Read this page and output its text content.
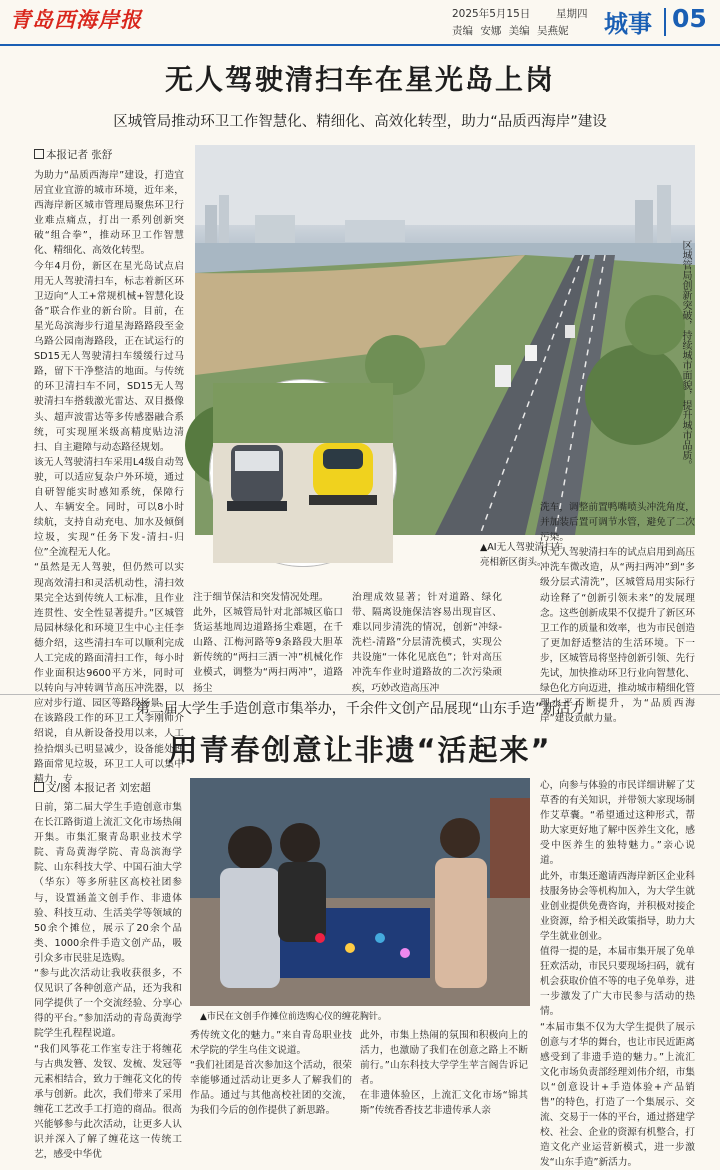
青岛西海岸报	2025年5月15日 星期四
责编 安娜 美编 吴燕妮 城事 05
无人驾驶清扫车在星光岛上岗
区城管局推动环卫工作智慧化、精细化、高效化转型，助力“品质西海岸”建设
本报记者 张舒
为助力“品质西海岸”建设，打造宜居宜业宜游的城市环境，近年来，西海岸新区城市管理局聚焦环卫行业难点痛点，打出一系列创新突破“组合拳”，推动环卫工作智慧化、精细化、高效化转型。
今年4月份，新区在星光岛试点启用无人驾驶清扫车，标志着新区环卫迈向“人工+常规机械+智慧化设备”联合作业的新台阶。目前，在星光岛滨海步行道星海路路段至金乌路公园南海路段，正在试运行的SD15无人驾驶清扫车缓缓行过马路，留下干净整洁的地面。与传统的环卫清扫车不同，SD15无人驾驶清扫车搭载激光雷达、双目摄像头、超声波雷达等多传感器融合系统，可实现厘米级高精度贴边清扫、自主避障与动态路径规划。
该无人驾驶清扫车采用L4级自动驾驶，可以适应复杂户外环境，通过自研智能实时感知系统，保障行人、车辆安全。同时，可以8小时续航，支持自动充电、加水及倾倒垃圾，实现“任务下发-清扫-归位”全流程无人化。
“虽然是无人驾驶，但仍然可以实现高效清扫和灵活机动性，清扫效果完全达到传统人工标准，且作业连贯性、安全性显著提升。”区城管局园林绿化和环境卫生中心主任李德介绍，这些清扫车可以顺利完成人工完成的路面清扫工作，每小时作业面积达9600平方米，同时可以转向与冲转调节高压冲洗器，以应对步行道、园区等路段场景。
在该路段工作的环卫工人李刚师介绍说，自从新设备投用以来，人工捡拾烟头已明显减少，设备能处理路面常见垃圾，环卫工人可以集中精力，专
区城管局创新突破，持续城市面貌，提升城市品质。
▲AI无人驾驶清扫车亮相新区街头。
注于细节保洁和突发情况处理。
此外，区城管局针对北部城区临口货运基地周边道路扬尘难题，在千山路、江梅河路等9条路段大胆革新传统的“两扫三洒一冲”机械化作业模式，调整为“两扫两冲”，道路扬尘
治理成效显著；针对道路、绿化带、隔离设施保洁容易出现盲区、难以同步清洗的情况，创新“冲绿-洗栏-清路”分层清洗模式，实现公共设施“一体化见底色”；针对高压冲洗车作业时道路故的二次污染顽疾，巧妙改造高压冲
洗车，调整前置鸭嘴喷头冲洗角度，并加装后置可调节水管，避免了二次污染。
从无人驾驶清扫车的试点启用到高压冲洗车微改造，从“两扫两冲”到“多级分层式清洗”，区城管局用实际行动诠释了“创新引领未来”的发展理念。这些创新成果不仅提升了新区环卫工作的质量和效率，也为市民创造了更加舒适整洁的生活环境。下一步，区城管局将坚持创新引领、先行先试，加快推动环卫行业向智慧化、绿色化方向迈进，推动城市精细化管理水平不断提升，为“品质西海岸”建设贡献力量。
第二届大学生手造创意市集举办，千余件文创产品展现“山东手造”新活力
用青春创意让非遗“活起来”
文/图 本报记者 刘宏超
日前，第二届大学生手造创意市集在长江路街道上流汇文化市场热闹开集。市集汇聚青岛职业技术学院、青岛黄海学院、青岛滨海学院、山东科技大学、中国石油大学（华东）等多所驻区高校社团参与，设置涵盖文创手作、非遗体验、科技互动、生活美学等领域的50余个摊位，展示了20余个品类、1000余件手造文创产品，吸引众多市民驻足选购。
“参与此次活动让我收获很多，不仅见识了各种创意产品，还为我和同学提供了一个交流经验、分享心得的平台。”参加活动的青岛黄海学院学生孔程程说道。
“我们风筝花工作室专注于将缠花与古典发簪、发钗、发梳、发冠等元素相结合，致力于缠花文化的传承与创新。此次，我们带来了采用缠花工艺改手工打造的商品。很高兴能够参与此次活动，让更多人认识并深入了解了缠花这一传统工艺，感受中华优
▲市民在文创手作摊位前选购心仪的缠花胸针。
秀传统文化的魅力。”来自青岛职业技术学院的学生乌佳文说道。
“我们社团是首次参加这个活动，很荣幸能够通过活动让更多人了解我们的作品。通过与其他高校社团的交流，为我们今后的创作提供了新思路。
此外，市集上热闹的氛围和积极向上的活力，也激励了我们在创意之路上不断前行。”山东科技大学学生苹言阁告诉记者。
在非遗体验区，上流汇文化市场“锦其斯”传统香香技艺非遗传承人亲
心，向参与体验的市民详细讲解了艾草香的有关知识，并带领大家现场制作艾草囊。“希望通过这种形式，帮助大家更好地了解中医养生文化，感受中医养生的独特魅力。”亲心说道。
此外，市集还邀请西海岸新区企业科技服务协会等机构加入，为大学生就业创业提供免费咨询，并积极对接企业资源，给予相关政策指导，助力大学生就业创业。
值得一提的是，本届市集开展了免单狂欢活动，市民只要现场扫码，就有机会获取价值不等的电子免单券，进一步激发了广大市民参与活动的热情。
“本届市集不仅为大学生提供了展示创意与才华的舞台，也让市民近距离感受到了非遗手造的魅力。”上流汇文化市场负责部经理刘伟介绍，市集以“创意设计+手造体验+产品销售”的特色，打造了一个集展示、交流、交易于一体的平台，通过搭建学校、社会、企业的资源有机整合，打造文化产业运营新模式，进一步激发“山东手造”新活力。
